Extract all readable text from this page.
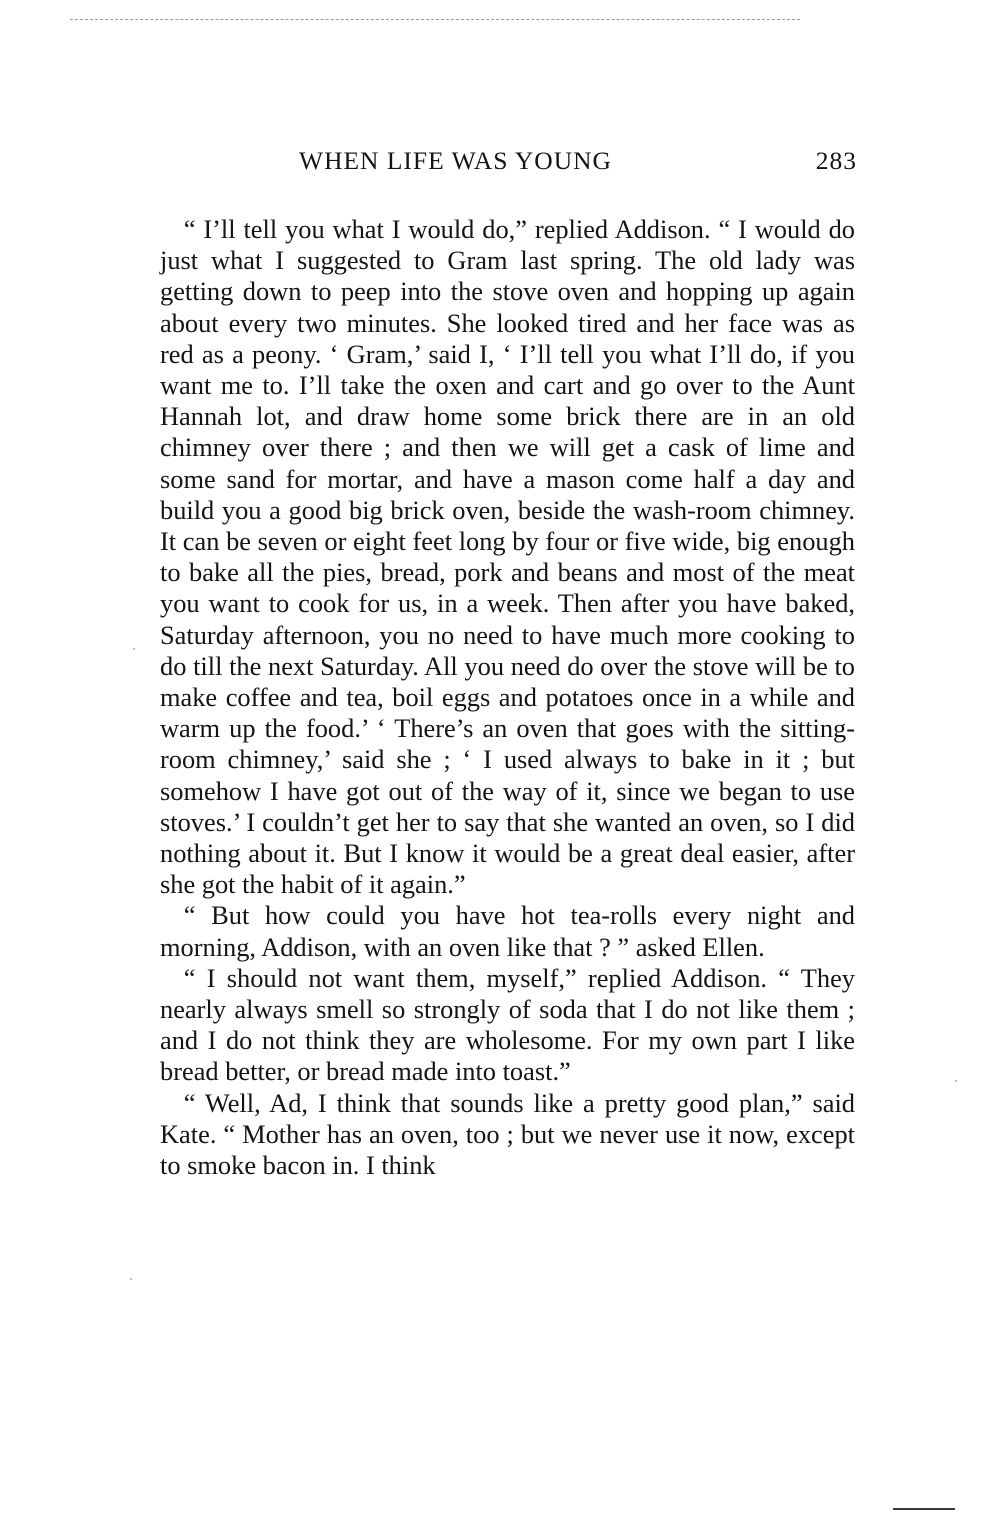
WHEN LIFE WAS YOUNG	283

“ I’ll tell you what I would do,” replied Addison. “ I would do just what I suggested to Gram last spring. The old lady was getting down to peep into the stove oven and hopping up again about every two minutes. She looked tired and her face was as red as a peony. ‘ Gram,’ said I, ‘ I’ll tell you what I’ll do, if you want me to. I’ll take the oxen and cart and go over to the Aunt Hannah lot, and draw home some brick there are in an old chimney over there ; and then we will get a cask of lime and some sand for mortar, and have a mason come half a day and build you a good big brick oven, beside the wash-room chimney. It can be seven or eight feet long by four or five wide, big enough to bake all the pies, bread, pork and beans and most of the meat you want to cook for us, in a week. Then after you have baked, Saturday afternoon, you no need to have much more cooking to do till the next Saturday. All you need do over the stove will be to make coffee and tea, boil eggs and potatoes once in a while and warm up the food.’ ‘ There’s an oven that goes with the sitting-room chimney,’ said she ; ‘ I used always to bake in it ; but somehow I have got out of the way of it, since we began to use stoves.’ I couldn’t get her to say that she wanted an oven, so I did nothing about it. But I know it would be a great deal easier, after she got the habit of it again.”

“ But how could you have hot tea-rolls every night and morning, Addison, with an oven like that ? ” asked Ellen.

“ I should not want them, myself,” replied Addison. “ They nearly always smell so strongly of soda that I do not like them ; and I do not think they are wholesome. For my own part I like bread better, or bread made into toast.”

“ Well, Ad, I think that sounds like a pretty good plan,” said Kate. “ Mother has an oven, too ; but we never use it now, except to smoke bacon in. I think
